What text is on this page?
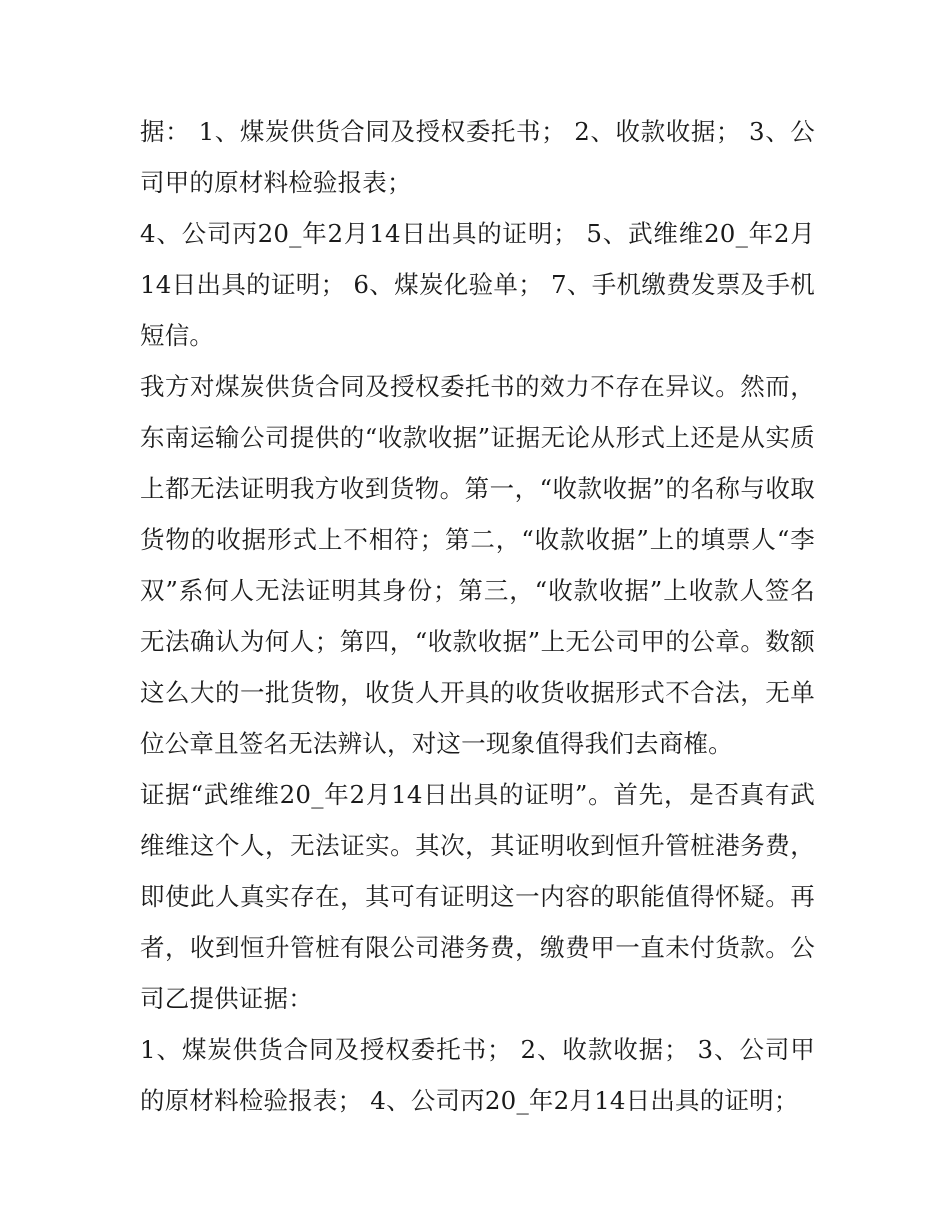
据： 1、煤炭供货合同及授权委托书； 2、收款收据； 3、公司甲的原材料检验报表；

4、公司丙20_年2月14日出具的证明； 5、武维维20_年2月14日出具的证明； 6、煤炭化验单； 7、手机缴费发票及手机短信。

我方对煤炭供货合同及授权委托书的效力不存在异议。然而，东南运输公司提供的“收款收据”证据无论从形式上还是从实质上都无法证明我方收到货物。第一，“收款收据”的名称与收取货物的收据形式上不相符；第二，“收款收据”上的填票人“李双”系何人无法证明其身份；第三，“收款收据”上收款人签名无法确认为何人；第四，“收款收据”上无公司甲的公章。数额这么大的一批货物，收货人开具的收货收据形式不合法，无单位公章且签名无法辨认，对这一现象值得我们去商榷。

证据“武维维20_年2月14日出具的证明”。首先，是否真有武维维这个人，无法证实。其次，其证明收到恒升管桩港务费，即使此人真实存在，其可有证明这一内容的职能值得怀疑。再者，收到恒升管桩有限公司港务费，缴费甲一直未付货款。公司乙提供证据：

1、煤炭供货合同及授权委托书； 2、收款收据； 3、公司甲的原材料检验报表； 4、公司丙20_年2月14日出具的证明；
